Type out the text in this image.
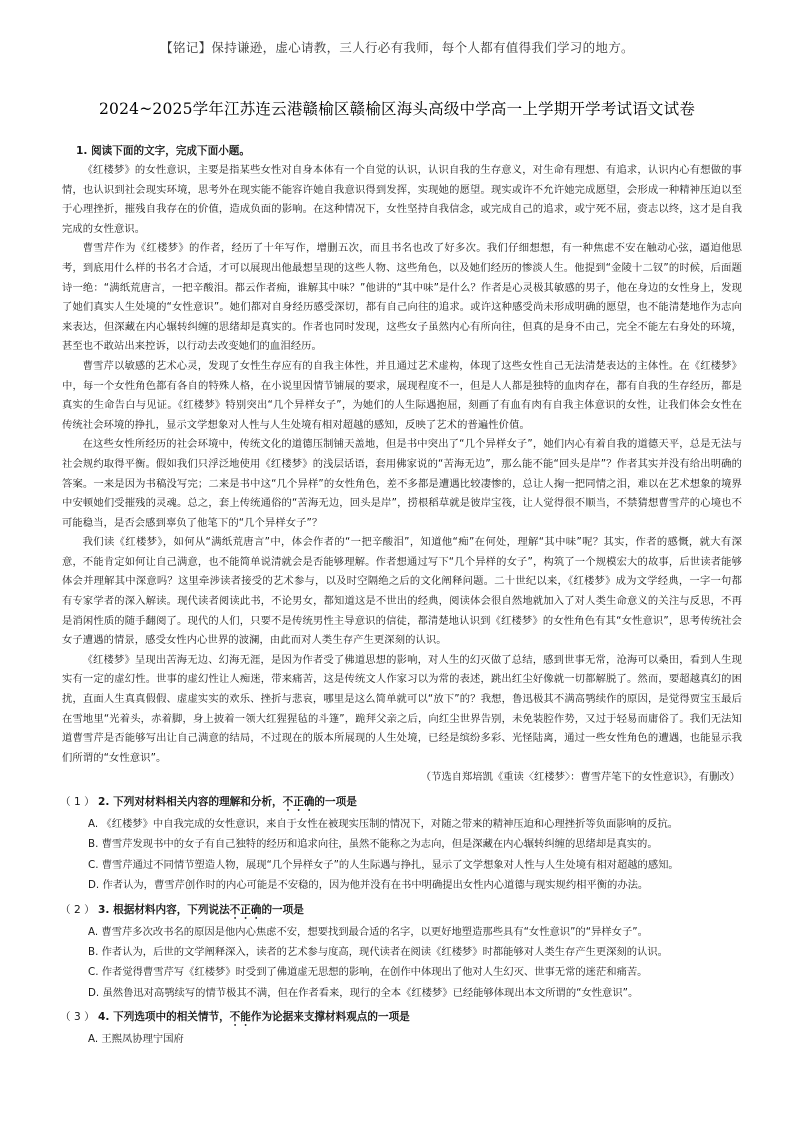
【铭记】保持谦逊，虚心请教，三人行必有我师，每个人都有值得我们学习的地方。
2024~2025学年江苏连云港赣榆区赣榆区海头高级中学高一上学期开学考试语文试卷
1. 阅读下面的文字，完成下面小题。

《红楼梦》的女性意识，主要是指某些女性对自身本体有一个自觉的认识，认识自我的生存意义，对生命有理想、有追求，认识内心有想做的事情，也认识到社会现实环境，思考外在现实能不能容许她自我意识得到发挥，实现她的愿望。现实或许不允许她完成愿望，会形成一种精神压迫以至于心理挫折，摧残自我存在的价值，造成负面的影响。在这种情况下，女性坚持自我信念，或完成自己的追求，或宁死不屈，赍志以终，这才是自我完成的女性意识。

曹雪芹作为《红楼梦》的作者，经历了十年写作，增删五次，而且书名也改了好多次。我们仔细想想，有一种焦虑不安在触动心弦，逼迫他思考，到底用什么样的书名才合适，才可以展现出他最想呈现的这些人物、这些角色，以及她们经历的惨淡人生。他提到“金陵十二钗”的时候，后面题诗一绝：“满纸荒唐言，一把辛酸泪。都云作者痴，谁解其中味？”他讲的“其中味”是什么？作者是心灵极其敏感的男子，他在身边的女性身上，发现了她们真实人生处境的“女性意识”。她们都对自身经历感受深切，都有自己向往的追求。或许这种感受尚未形成明确的愿望，也不能清楚地作为志向来表达，但深藏在内心辗转纠缠的思绪却是真实的。作者也同时发现，这些女子虽然内心有所向往，但真的是身不由己，完全不能左右身处的环境，甚至也不敢站出来控诉，以行动去改变她们的血泪经历。

曹雪芹以敏感的艺术心灵，发现了女性生存应有的自我主体性，并且通过艺术虚构，体现了这些女性自己无法清楚表达的主体性。在《红楼梦》中，每一个女性角色都有各自的特殊人格，在小说里因情节铺展的要求，展现程度不一，但是人人都是独特的血肉存在，都有自我的生存经历，都是真实的生命告白与见证。《红楼梦》特别突出“几个异样女子”，为她们的人生际遇抱屈，刻画了有血有肉有自我主体意识的女性，让我们体会女性在传统社会环境的挣扎，显示文学想象对人性与人生处境有相对超越的感知，反映了艺术的普遍性价值。

在这些女性所经历的社会环境中，传统文化的道德压制铺天盖地，但是书中突出了“几个异样女子”，她们内心有着自我的道德天平，总是无法与社会规约取得平衡。假如我们只浮泛地使用《红楼梦》的浅层话语，套用佛家说的“苦海无边”，那么能不能“回头是岸”？作者其实并没有给出明确的答案。一来是因为书稿没写完；二来是书中这“几个异样”的女性角色，差不多都是遭遇比较凄惨的，总让人掬一把同情之泪，难以在艺术想象的境界中安顿她们受摧残的灵魂。总之，套上传统通俗的“苦海无边，回头是岸”，捞根稻草就是彼岸宝筏，让人觉得很不顺当，不禁猜想曹雪芹的心境也不可能稳当，是否会感到辜负了他笔下的“几个异样女子”？

我们读《红楼梦》，如何从“满纸荒唐言”中，体会作者的“一把辛酸泪”，知道他“痴”在何处，理解“其中味”呢？其实，作者的感慨，就大有深意，不能肯定如何让自己满意，也不能简单说清就会是否能够理解。作者想通过写下“几个异样的女子”，构筑了一个规模宏大的故事，后世读者能够体会并理解其中深意吗？这里牵涉读者接受的艺术参与，以及时空隔绝之后的文化阐释问题。二十世纪以来，《红楼梦》成为文学经典，一字一句都有专家学者的深入解读。现代读者阅读此书，不论男女，都知道这是不世出的经典，阅读体会很自然地就加入了对人类生命意义的关注与反思，不再是消闲性质的随手翻阅了。现代的人们，只要不是传统男性主导意识的信徒，都清楚地认识到《红楼梦》的女性角色有其“女性意识”，思考传统社会女子遭遇的情景，感受女性内心世界的波澜，由此而对人类生存产生更深刻的认识。

《红楼梦》呈现出苦海无边、幻海无涯，是因为作者受了佛道思想的影响，对人生的幻灭做了总结，感到世事无常，沧海可以桑田，看到人生现实有一定的虚幻性。世事的虚幻性让人痴迷，带来痛苦，这是传统文人作家习以为常的表述，跳出红尘好像就一切都解脱了。然而，要超越真幻的困扰，直面人生真真假假、虚虚实实的欢乐、挫折与悲哀，哪里是这么简单就可以“放下”的？我想，鲁迅极其不满高鹗续作的原因，是觉得贾宝玉最后在雪地里“光着头，赤着脚，身上披着一领大红猩猩毡的斗篷”，跪拜父亲之后，向红尘世界告别，未免装腔作势，又过于轻易而庸俗了。我们无法知道曹雪芹是否能够写出让自己满意的结局，不过现在的版本所展现的人生处境，已经是缤纷多彩、光怪陆离，通过一些女性角色的遭遇，也能显示我们所谓的“女性意识”。

（节选自郑培凯《重读〈红楼梦〉：曹雪芹笔下的女性意识》，有删改）

（ 1 ） 2. 下列对材料相关内容的理解和分析，不正确的一项是
A. 《红楼梦》中自我完成的女性意识，来自于女性在被现实压制的情况下，对随之带来的精神压迫和心理挫折等负面影响的反抗。
B. 曹雪芹发现书中的女子有自己独特的经历和追求向往，虽然不能称之为志向，但是深藏在内心辗转纠缠的思绪却是真实的。
C. 曹雪芹通过不同情节塑造人物，展现“几个异样女子”的人生际遇与挣扎，显示了文学想象对人性与人生处境有相对超越的感知。
D. 作者认为，曹雪芹创作时的内心可能是不安稳的，因为他并没有在书中明确提出女性内心道德与现实规约相平衡的办法。
（ 2 ） 3. 根据材料内容，下列说法不正确的一项是
A. 曹雪芹多次改书名的原因是他内心焦虑不安，想要找到最合适的名字，以更好地塑造那些具有“女性意识”的“异样女子”。
B. 作者认为，后世的文学阐释深入，读者的艺术参与度高，现代读者在阅读《红楼梦》时都能够对人类生存产生更深刻的认识。
C. 作者觉得曹雪芹写《红楼梦》时受到了佛道虚无思想的影响，在创作中体现出了他对人生幻灭、世事无常的迷茫和痛苦。
D. 虽然鲁迅对高鹗续写的情节极其不满，但在作者看来，现行的全本《红楼梦》已经能够体现出本文所谓的“女性意识”。
（ 3 ） 4. 下列选项中的相关情节，不能作为论据来支撑材料观点的一项是
A. 王熙凤协理宁国府
